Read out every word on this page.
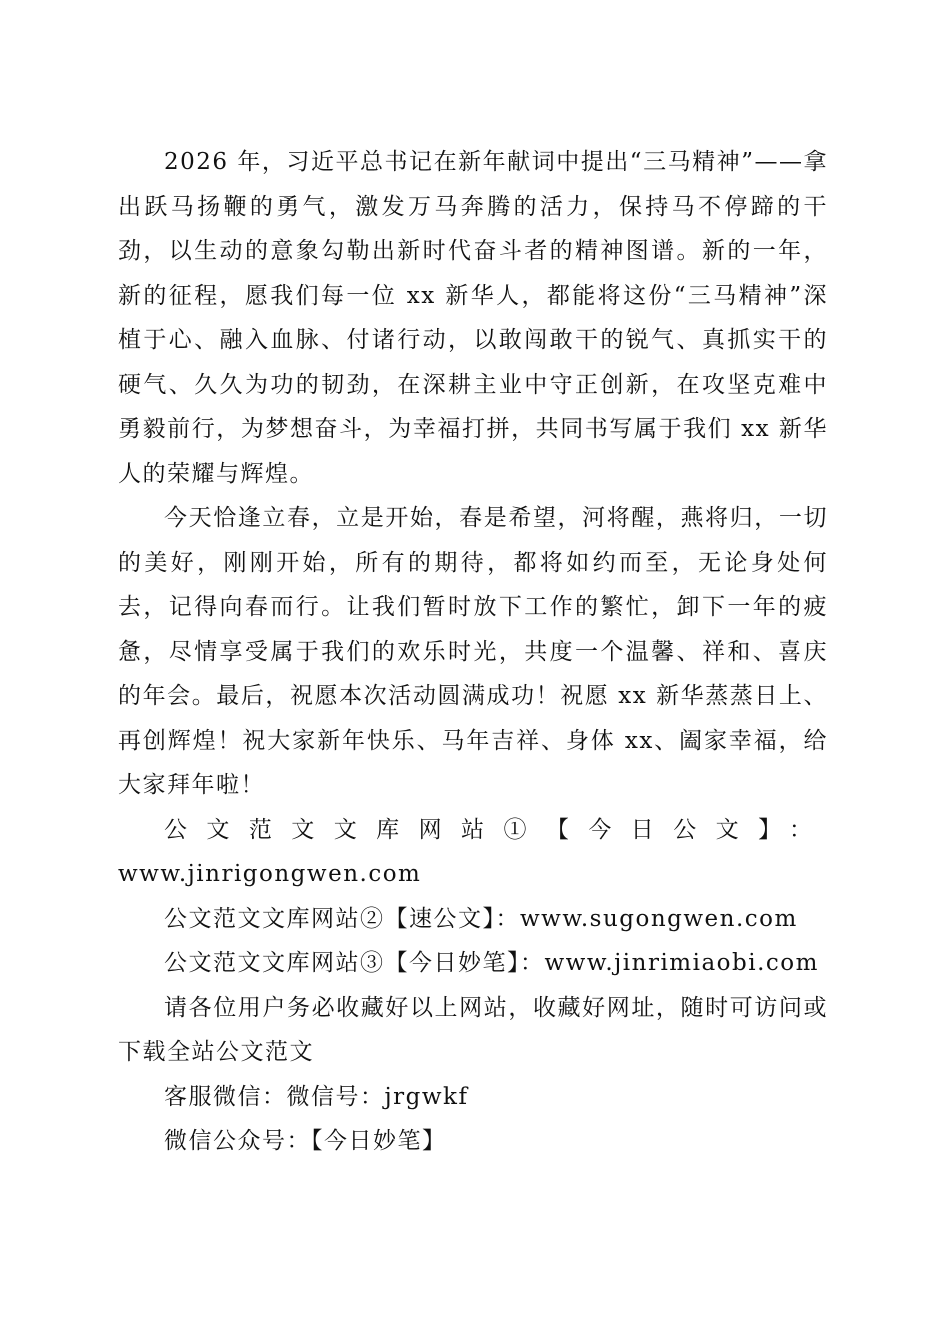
2026 年，习近平总书记在新年献词中提出“三马精神”——拿出跃马扬鞭的勇气，激发万马奔腾的活力，保持马不停蹄的干劲，以生动的意象勾勒出新时代奋斗者的精神图谱。新的一年，新的征程，愿我们每一位 xx 新华人，都能将这份“三马精神”深植于心、融入血脉、付诸行动，以敢闯敢干的锐气、真抓实干的硬气、久久为功的韧劲，在深耕主业中守正创新，在攻坚克难中勇毅前行，为梦想奋斗，为幸福打拼，共同书写属于我们 xx 新华人的荣耀与辉煌。

今天恰逢立春，立是开始，春是希望，河将醒，燕将归，一切的美好，刚刚开始，所有的期待，都将如约而至，无论身处何去，记得向春而行。让我们暂时放下工作的繁忙，卸下一年的疲惫，尽情享受属于我们的欢乐时光，共度一个温馨、祥和、喜庆的年会。最后，祝愿本次活动圆满成功！祝愿 xx 新华蒸蒸日上、再创辉煌！祝大家新年快乐、马年吉祥、身体 xx、阖家幸福，给大家拜年啦！

公文范文文库网站①【今日公文】：

www.jinrigongwen.com

公文范文文库网站②【速公文】：www.sugongwen.com

公文范文文库网站③【今日妙笔】：www.jinrimiaobi.com

请各位用户务必收藏好以上网站，收藏好网址，随时可访问或下载全站公文范文

客服微信：微信号：jrgwkf

微信公众号：【今日妙笔】
